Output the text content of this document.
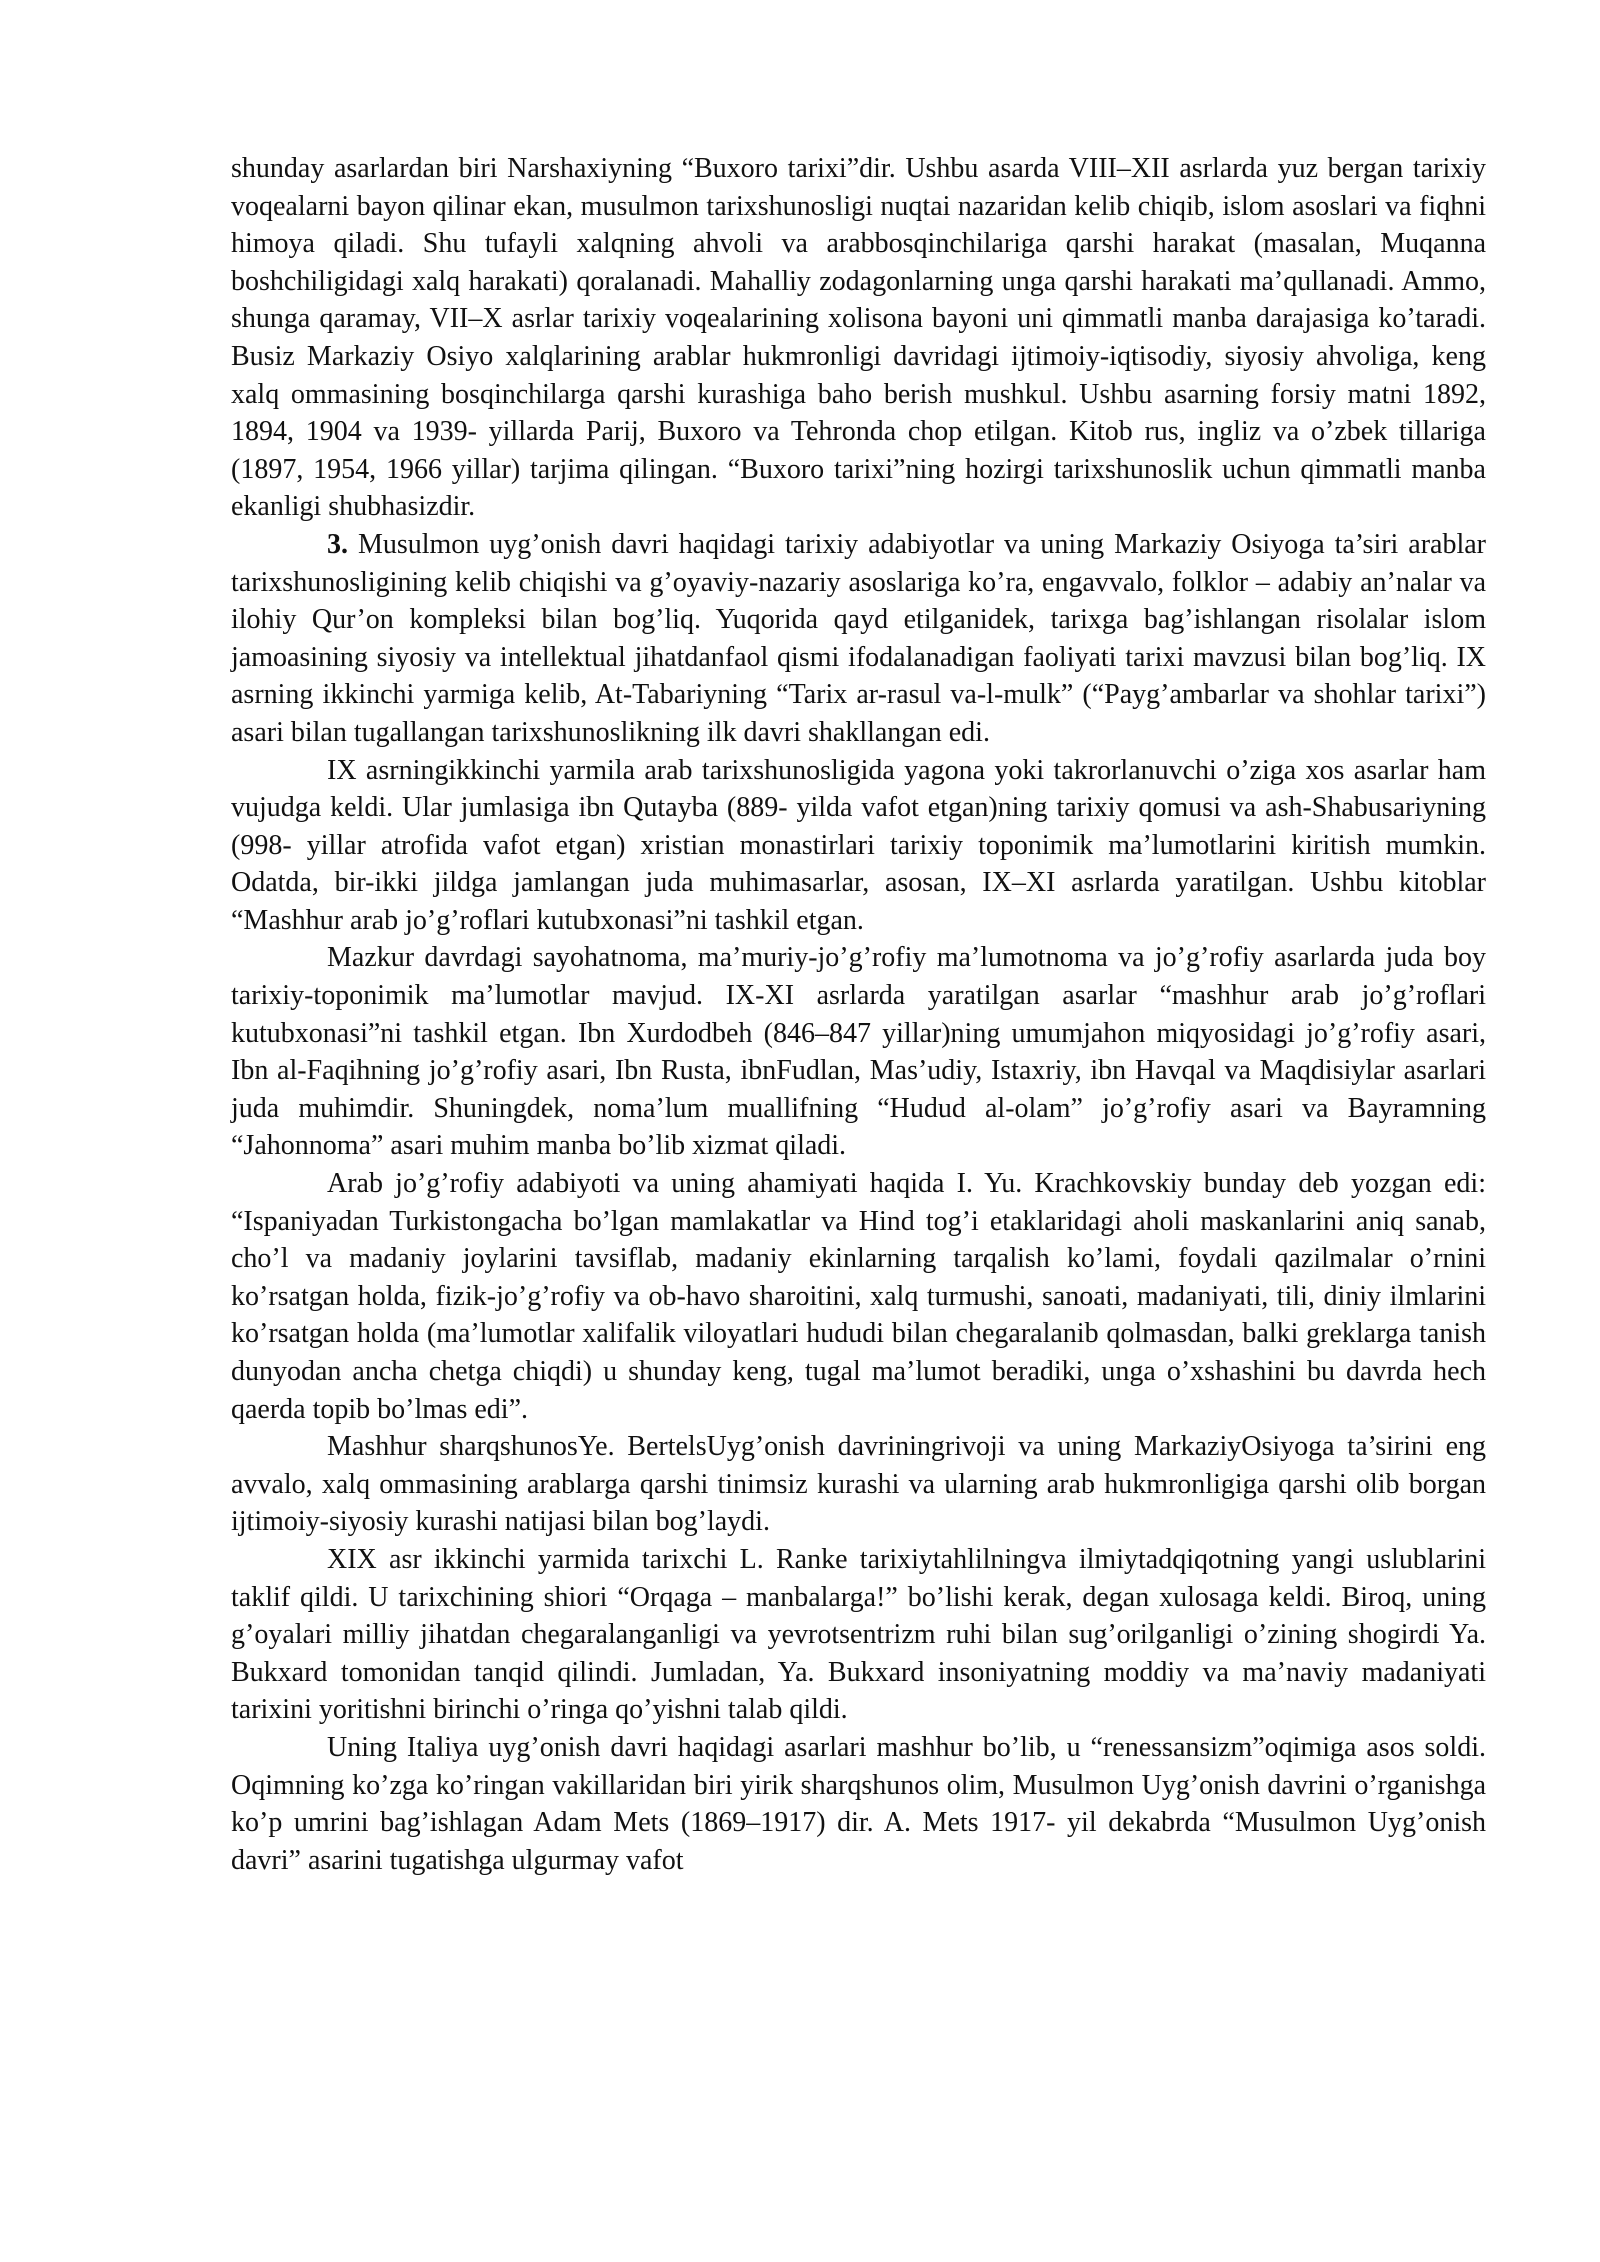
shunday asarlardan biri Narshaxiyning “Buxoro tarixi”dir. Ushbu asarda VIII–XII asrlarda yuz bergan tarixiy voqealarni bayon qilinar ekan, musulmon tarixshunosligi nuqtai nazaridan kelib chiqib, islom asoslari va fiqhni himoya qiladi. Shu tufayli xalqning ahvoli va arabbosqinchilariga qarshi harakat (masalan, Muqanna boshchiligidagi xalq harakati) qoralanadi. Mahalliy zodagonlarning unga qarshi harakati ma’qullanadi. Ammo, shunga qaramay, VII–X asrlar tarixiy voqealarining xolisona bayoni uni qimmatli manba darajasiga ko’taradi. Busiz Markaziy Osiyo xalqlarining arablar hukmronligi davridagi ijtimoiy-iqtisodiy, siyosiy ahvoliga, keng xalq ommasining bosqinchilarga qarshi kurashiga baho berish mushkul. Ushbu asarning forsiy matni 1892, 1894, 1904 va 1939- yillarda Parij, Buxoro va Tehronda chop etilgan. Kitob rus, ingliz va o’zbek tillariga (1897, 1954, 1966 yillar) tarjima qilingan. “Buxoro tarixi”ning hozirgi tarixshunoslik uchun qimmatli manba ekanligi shubhasizdir.

3. Musulmon uyg’onish davri haqidagi tarixiy adabiyotlar va uning Markaziy Osiyoga ta’siri arablar tarixshunosligining kelib chiqishi va g’oyaviy-nazariy asoslariga ko’ra, engavvalo, folklor – adabiy an’nalar va ilohiy Qur’on kompleksi bilan bog’liq. Yuqorida qayd etilganidek, tarixga bag’ishlangan risolalar islom jamoasining siyosiy va intellektual jihatdanfaol qismi ifodalanadigan faoliyati tarixi mavzusi bilan bog’liq. IX asrning ikkinchi yarmiga kelib, At-Tabariyning “Tarix ar-rasul va-l-mulk” (“Payg’ambarlar va shohlar tarixi”) asari bilan tugallangan tarixshunoslikning ilk davri shakllangan edi.

IX asrningikkinchi yarmila arab tarixshunosligida yagona yoki takrorlanuvchi o’ziga xos asarlar ham vujudga keldi. Ular jumlasiga ibn Qutayba (889- yilda vafot etgan)ning tarixiy qomusi va ash-Shabusariyning (998- yillar atrofida vafot etgan) xristian monastirlari tarixiy toponimik ma’lumotlarini kiritish mumkin. Odatda, bir-ikki jildga jamlangan juda muhimasarlar, asosan, IX–XI asrlarda yaratilgan. Ushbu kitoblar “Mashhur arab jo’g’roflari kutubxonasi”ni tashkil etgan.

Mazkur davrdagi sayohatnoma, ma’muriy-jo’g’rofiy ma’lumotnoma va jo’g’rofiy asarlarda juda boy tarixiy-toponimik ma’lumotlar mavjud. IX-XI asrlarda yaratilgan asarlar “mashhur arab jo’g’roflari kutubxonasi”ni tashkil etgan. Ibn Xurdodbeh (846–847 yillar)ning umumjahon miqyosidagi jo’g’rofiy asari, Ibn al-Faqihning jo’g’rofiy asari, Ibn Rusta, ibnFudlan, Mas’udiy, Istaxriy, ibn Havqal va Maqdisiylar asarlari juda muhimdir. Shuningdek, noma’lum muallifning “Hudud al-olam” jo’g’rofiy asari va Bayramning “Jahonnoma” asari muhim manba bo’lib xizmat qiladi.

Arab jo’g’rofiy adabiyoti va uning ahamiyati haqida I. Yu. Krachkovskiy bunday deb yozgan edi: “Ispaniyadan Turkistongacha bo’lgan mamlakatlar va Hind tog’i etaklaridagi aholi maskanlarini aniq sanab, cho’l va madaniy joylarini tavsiflab, madaniy ekinlarning tarqalish ko’lami, foydali qazilmalar o’rnini ko’rsatgan holda, fizik-jo’g’rofiy va ob-havo sharoitini, xalq turmushi, sanoati, madaniyati, tili, diniy ilmlarini ko’rsatgan holda (ma’lumotlar xalifalik viloyatlari hududi bilan chegaralanib qolmasdan, balki greklarga tanish dunyodan ancha chetga chiqdi) u shunday keng, tugal ma’lumot beradiki, unga o’xshashini bu davrda hech qaerda topib bo’lmas edi”.

Mashhur sharqshunosYe. BertelsUyg’onish davriningrivoji va uning MarkaziyOsiyoga ta’sirini eng avvalo, xalq ommasining arablarga qarshi tinimsiz kurashi va ularning arab hukmronligiga qarshi olib borgan ijtimoiy-siyosiy kurashi natijasi bilan bog’laydi.

XIX asr ikkinchi yarmida tarixchi L. Ranke tarixiytahlilningva ilmiytadqiqotning yangi uslublarini taklif qildi. U tarixchining shiori “Orqaga – manbalarga!” bo’lishi kerak, degan xulosaga keldi. Biroq, uning g’oyalari milliy jihatdan chegaralanganligi va yevrotsentrizm ruhi bilan sug’orilganligi o’zining shogirdi Ya. Bukxard tomonidan tanqid qilindi. Jumladan, Ya. Bukxard insoniyatning moddiy va ma’naviy madaniyati tarixini yoritishni birinchi o’ringa qo’yishni talab qildi.

Uning Italiya uyg’onish davri haqidagi asarlari mashhur bo’lib, u “renessansizm”oqimiga asos soldi. Oqimning ko’zga ko’ringan vakillaridan biri yirik sharqshunos olim, Musulmon Uyg’onish davrini o’rganishga ko’p umrini bag’ishlagan Adam Mets (1869–1917) dir. A. Mets 1917- yil dekabrda “Musulmon Uyg’onish davri” asarini tugatishga ulgurmay vafot
